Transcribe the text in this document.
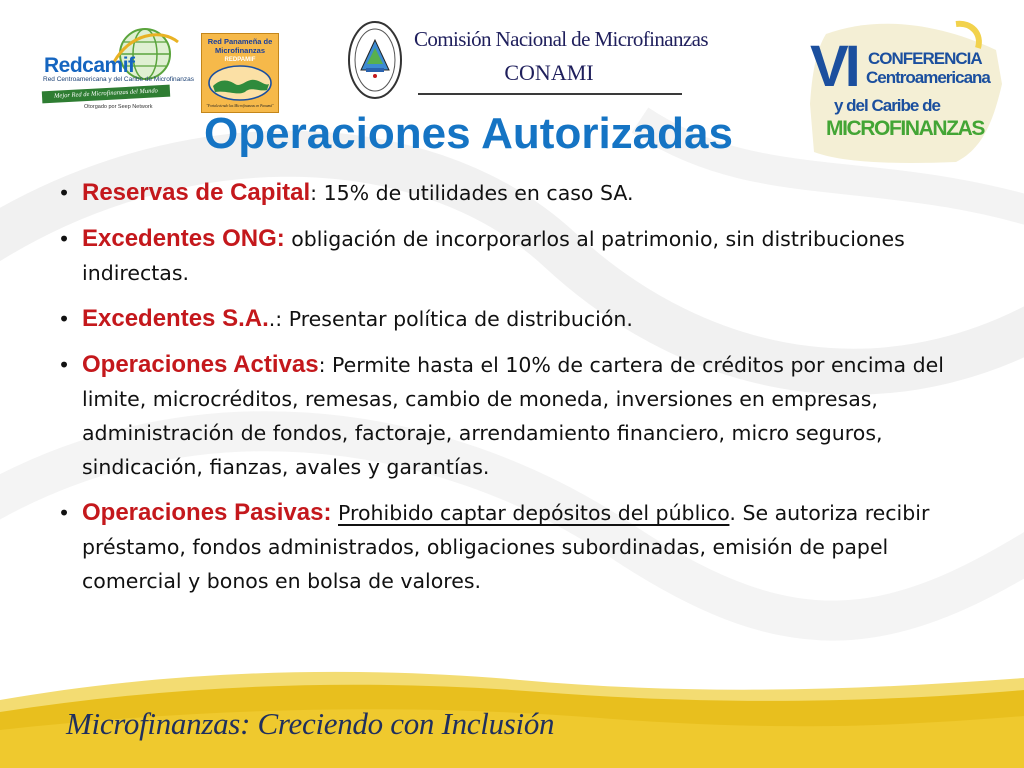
Redcamif
Red Centroamericana y del Caribe de Microfinanzas
Mejor Red de Microfinanzas del Mundo
Otorgado por Seep Network
Red Panameña de Microfinanzas
REDPAMIF
"Fortaleciendo las Microfinanzas en Panamá"
Comisión Nacional de Microfinanzas
CONAMI	VI CONFERENCIA
Centroamericana
y del Caribe de
MICROFINANZAS
Operaciones Autorizadas
• Reservas de Capital: 15% de utilidades en caso SA.
• Excedentes ONG: obligación de incorporarlos al patrimonio, sin distribuciones indirectas.
• Excedentes S.A..: Presentar política de distribución.
• Operaciones Activas: Permite hasta el 10% de cartera de créditos por encima del limite, microcréditos, remesas, cambio de moneda, inversiones en empresas, administración de fondos, factoraje, arrendamiento financiero, micro seguros, sindicación, fianzas, avales y garantías.
• Operaciones Pasivas: Prohibido captar depósitos del público. Se autoriza recibir préstamo, fondos administrados, obligaciones subordinadas, emisión de papel comercial y bonos en bolsa de valores.
Microfinanzas: Creciendo con Inclusión
